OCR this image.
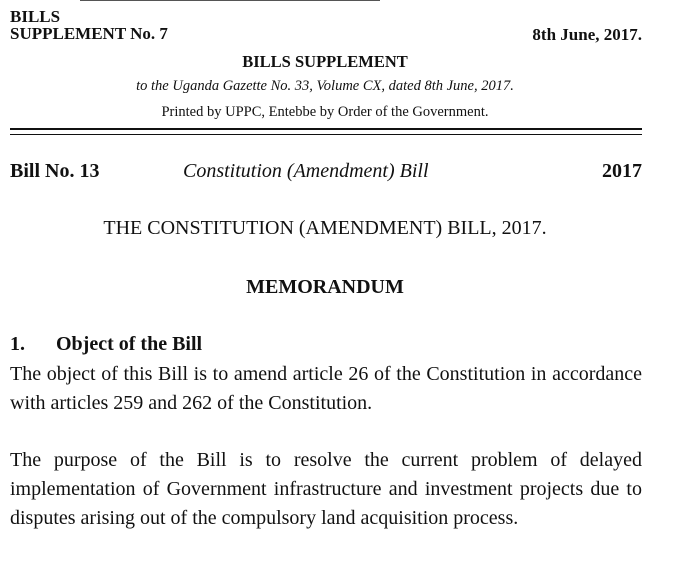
BILLS
SUPPLEMENT No. 7	8th June, 2017.
BILLS SUPPLEMENT
to the Uganda Gazette No. 33, Volume CX, dated 8th June, 2017.
Printed by UPPC, Entebbe by Order of the Government.
Bill No. 13	Constitution (Amendment) Bill	2017
THE CONSTITUTION (AMENDMENT) BILL, 2017.
MEMORANDUM
1. Object of the Bill

The object of this Bill is to amend article 26 of the Constitution in accordance with articles 259 and 262 of the Constitution.

The purpose of the Bill is to resolve the current problem of delayed implementation of Government infrastructure and investment projects due to disputes arising out of the compulsory land acquisition process.
